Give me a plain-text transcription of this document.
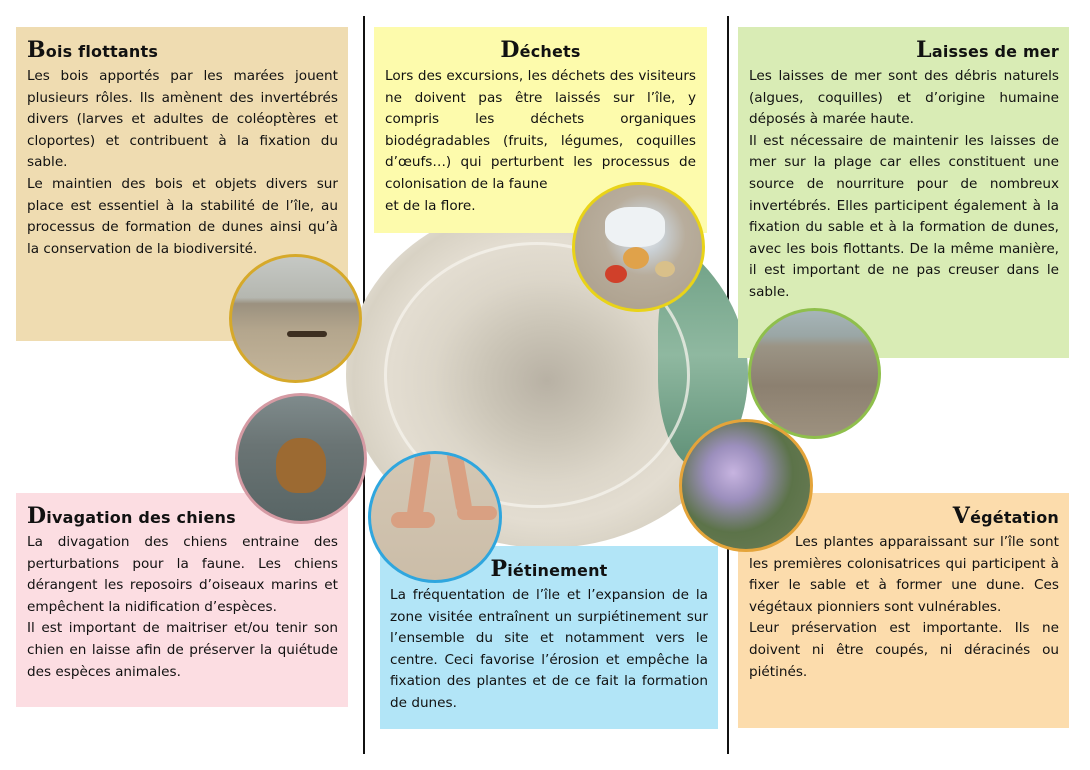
Bois flottants

Les bois apportés par les marées jouent plusieurs rôles. Ils amènent des invertébrés divers (larves et adultes de coléoptères et cloportes) et contribuent à la fixation du sable.

Le maintien des bois et objets divers sur place est essentiel à la stabilité de l’île, au processus de formation de dunes ainsi qu’à la conservation de la biodiversité.

Déchets

Lors des excursions, les déchets des visiteurs ne doivent pas être laissés sur l’île, y compris les déchets organiques biodégradables (fruits, légumes, coquilles d’œufs…) qui perturbent les processus de colonisation de la faune

et de la flore.

Laisses de mer

Les laisses de mer sont des débris naturels (algues, coquilles) et d’origine humaine déposés à marée haute.

Il est nécessaire de maintenir les laisses de mer sur la plage car elles constituent une source de nourriture pour de nombreux invertébrés. Elles participent également à la fixation du sable et à la formation de dunes, avec les bois flottants. De la même manière, il est important de ne pas creuser dans le sable.

Divagation des chiens

La divagation des chiens entraine des perturbations pour la faune. Les chiens dérangent les reposoirs d’oiseaux marins et empêchent la nidification d’espèces.

Il est important de maitriser et/ou tenir son chien en laisse afin de préserver la quiétude des espèces animales.

Piétinement

La fréquentation de l’île et l’expansion de la zone visitée entraînent un surpiétinement sur l’ensemble du site et notamment vers le centre. Ceci favorise l’érosion et empêche la fixation des plantes et de ce fait la formation de dunes.

Végétation

Les plantes apparaissant sur l’île sont les premières colonisatrices qui participent à fixer le sable et à former une dune. Ces végétaux pionniers sont vulnérables.

Leur préservation est importante. Ils ne doivent ni être coupés, ni déracinés ou piétinés.
